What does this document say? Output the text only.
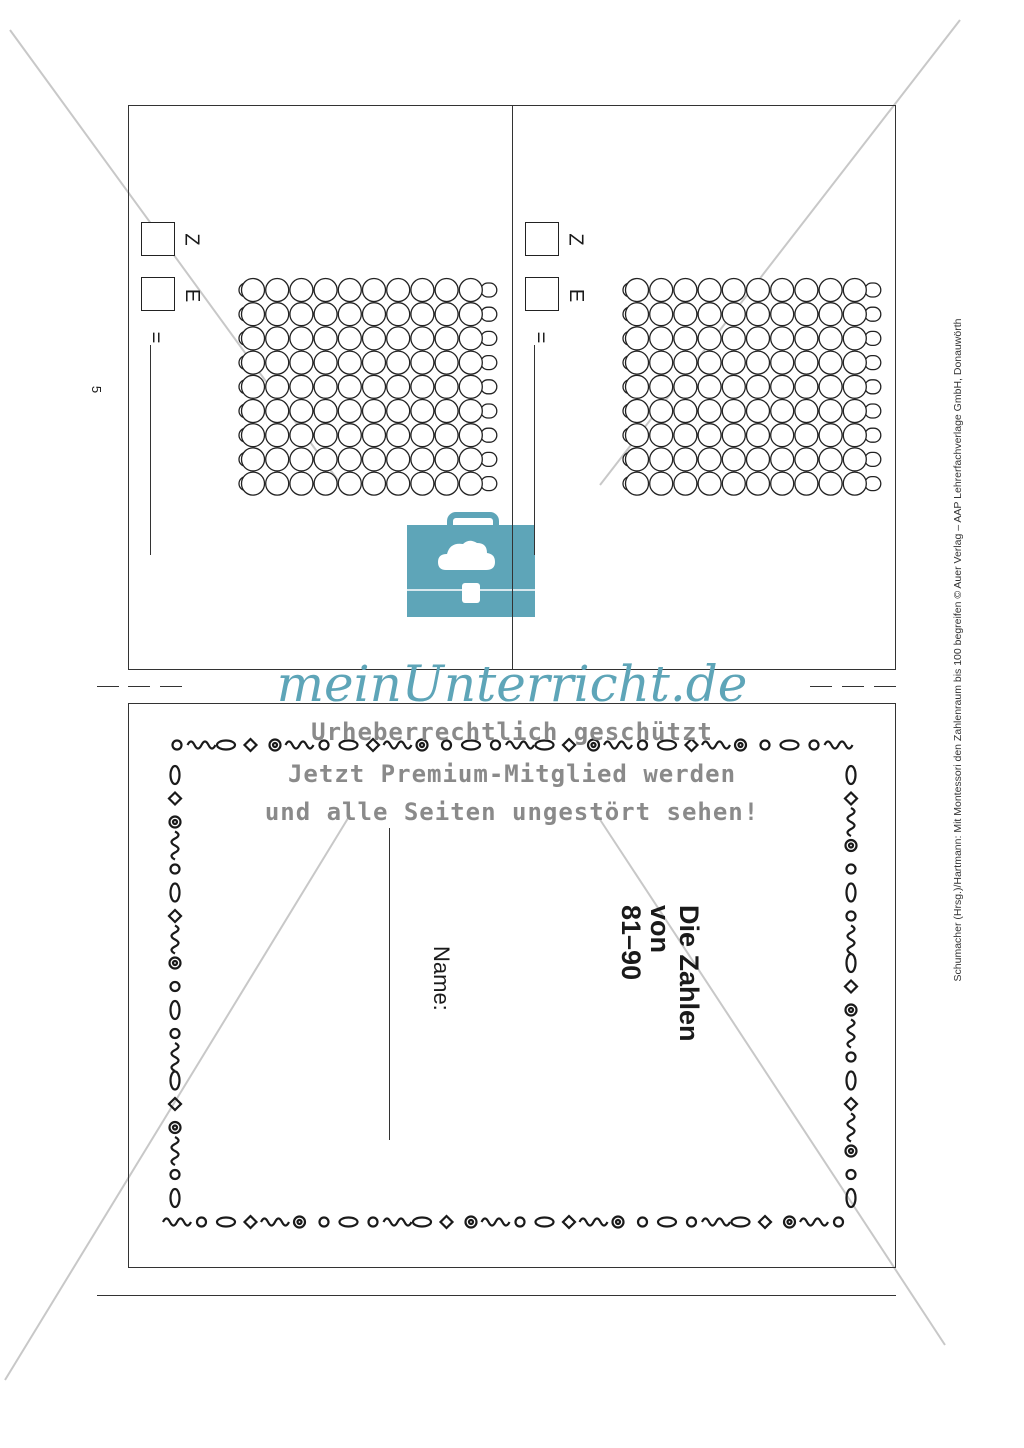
5
Z
E
=
Z
E
=
Die Zahlen
von
81–90
Name:	Schumacher (Hrsg.)/Hartmann: Mit Montessori den Zahlenraum bis 100 begreifen © Auer Verlag – AAP Lehrerfachverlage GmbH, Donauwörth
meinUnterricht.de
Urheberrechtlich geschützt
Jetzt Premium-Mitglied werden
und alle Seiten ungestört sehen!
